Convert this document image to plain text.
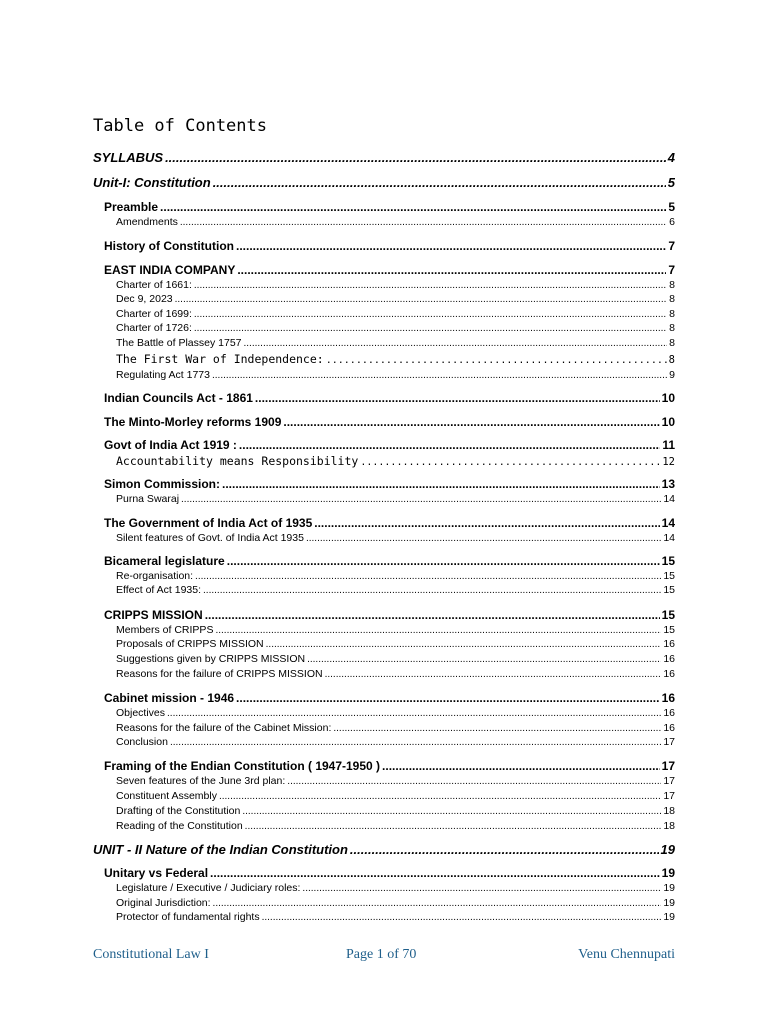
Table of Contents
SYLLABUS .....	4
Unit-I: Constitution .....	5
Preamble .....	5
Amendments .....	6
History of Constitution .....	7
EAST INDIA COMPANY .....	7
Charter of 1661: .....	8
Dec 9, 2023 .....	8
Charter of 1699: .....	8
Charter of 1726: .....	8
The Battle of Plassey 1757 .....	8
The First War of Independence: .....	8
Regulating Act 1773 .....	9
Indian Councils Act - 1861 .....	10
The Minto-Morley reforms 1909 .....	10
Govt of India Act 1919 : .....	11
Accountability means Responsibility .....	12
Simon Commission: .....	13
Purna Swaraj .....	14
The Government of India Act of 1935 .....	14
Silent features of Govt. of India Act 1935 .....	14
Bicameral legislature .....	15
Re-organisation: .....	15
Effect of Act 1935: .....	15
CRIPPS MISSION .....	15
Members of CRIPPS .....	15
Proposals of CRIPPS MISSION .....	16
Suggestions given by CRIPPS MISSION .....	16
Reasons for the failure of CRIPPS MISSION .....	16
Cabinet mission - 1946 .....	16
Objectives .....	16
Reasons for the failure of the Cabinet Mission: .....	16
Conclusion .....	17
Framing of the Endian Constitution ( 1947-1950 ) .....	17
Seven features of the June 3rd plan: .....	17
Constituent Assembly .....	17
Drafting of the Constitution .....	18
Reading of the Constitution .....	18
UNIT - II Nature of the Indian Constitution .....	19
Unitary vs Federal .....	19
Legislature / Executive / Judiciary roles: .....	19
Original Jurisdiction: .....	19
Protector of fundamental rights .....	19
Constitutional Law I	Page 1 of 70	Venu Chennupati
